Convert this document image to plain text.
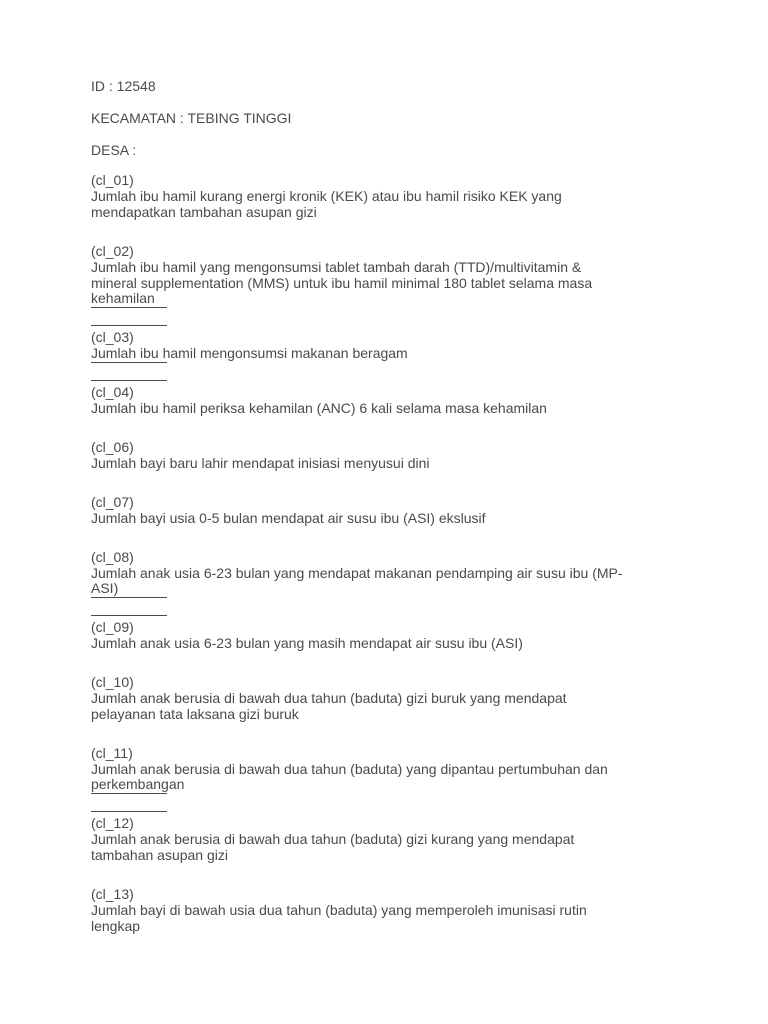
ID : 12548

KECAMATAN : TEBING TINGGI

DESA :

(cl_01)

Jumlah ibu hamil kurang energi kronik (KEK) atau ibu hamil risiko KEK yang

mendapatkan tambahan asupan gizi

(cl_02)

Jumlah ibu hamil yang mengonsumsi tablet tambah darah (TTD)/multivitamin &

mineral supplementation (MMS) untuk ibu hamil minimal 180 tablet selama masa

kehamilan

(cl_03)

Jumlah ibu hamil mengonsumsi makanan beragam

(cl_04)

Jumlah ibu hamil periksa kehamilan (ANC) 6 kali selama masa kehamilan

(cl_06)

Jumlah bayi baru lahir mendapat inisiasi menyusui dini

(cl_07)

Jumlah bayi usia 0-5 bulan mendapat air susu ibu (ASI) ekslusif

(cl_08)

Jumlah anak usia 6-23 bulan yang mendapat makanan pendamping air susu ibu (MP-

ASI)

(cl_09)

Jumlah anak usia 6-23 bulan yang masih mendapat air susu ibu (ASI)

(cl_10)

Jumlah anak berusia di bawah dua tahun (baduta) gizi buruk yang mendapat

pelayanan tata laksana gizi buruk

(cl_11)

Jumlah anak berusia di bawah dua tahun (baduta) yang dipantau pertumbuhan dan

perkembangan

(cl_12)

Jumlah anak berusia di bawah dua tahun (baduta) gizi kurang yang mendapat

tambahan asupan gizi

(cl_13)

Jumlah bayi di bawah usia dua tahun (baduta) yang memperoleh imunisasi rutin

lengkap
